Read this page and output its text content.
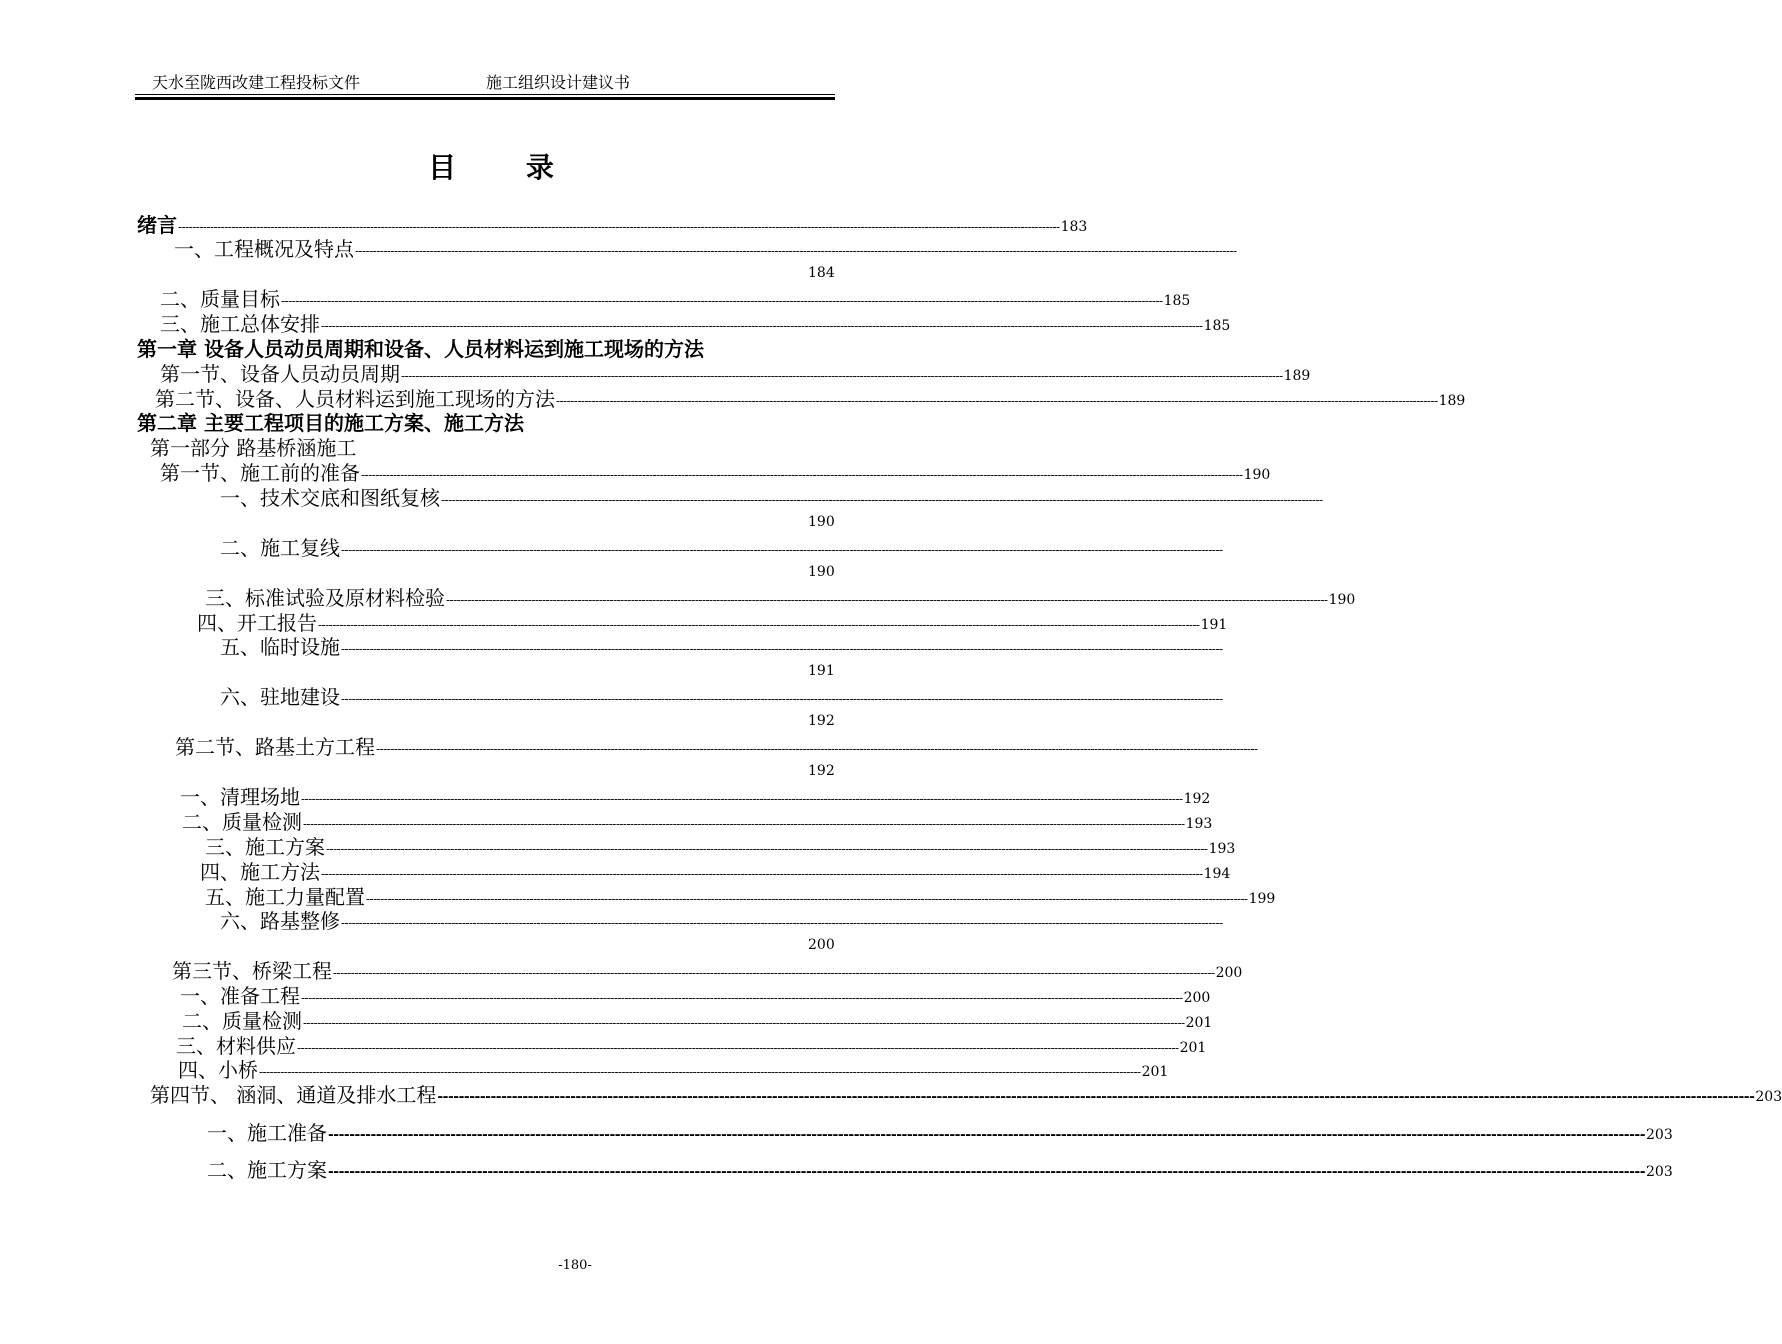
天水至陇西改建工程投标文件	施工组织设计建议书
目 录
绪言 -------------------------------------------------------------------------------------------------------------------------------------------------------------------------------------------------------------------------------------------------------- 183
一、工程概况及特点 --------------------------------------------------------------------------------------------------------------------------------------------------------------------------------------------------------------------------------------------------------
184
二、质量目标 -------------------------------------------------------------------------------------------------------------------------------------------------------------------------------------------------------------------------------------------------------- 185
三、施工总体安排 -------------------------------------------------------------------------------------------------------------------------------------------------------------------------------------------------------------------------------------------------------- 185
第一章 设备人员动员周期和设备、人员材料运到施工现场的方法
第一节、设备人员动员周期 -------------------------------------------------------------------------------------------------------------------------------------------------------------------------------------------------------------------------------------------------------- 189
第二节、设备、人员材料运到施工现场的方法 -------------------------------------------------------------------------------------------------------------------------------------------------------------------------------------------------------------------------------------------------------- 189
第二章 主要工程项目的施工方案、施工方法
第一部分 路基桥涵施工
第一节、施工前的准备 -------------------------------------------------------------------------------------------------------------------------------------------------------------------------------------------------------------------------------------------------------- 190
一、技术交底和图纸复核 --------------------------------------------------------------------------------------------------------------------------------------------------------------------------------------------------------------------------------------------------------
190
二、施工复线 --------------------------------------------------------------------------------------------------------------------------------------------------------------------------------------------------------------------------------------------------------
190
三、标准试验及原材料检验 -------------------------------------------------------------------------------------------------------------------------------------------------------------------------------------------------------------------------------------------------------- 190
四、开工报告 -------------------------------------------------------------------------------------------------------------------------------------------------------------------------------------------------------------------------------------------------------- 191
五、临时设施 --------------------------------------------------------------------------------------------------------------------------------------------------------------------------------------------------------------------------------------------------------
191
六、驻地建设 --------------------------------------------------------------------------------------------------------------------------------------------------------------------------------------------------------------------------------------------------------
192
第二节、路基土方工程 --------------------------------------------------------------------------------------------------------------------------------------------------------------------------------------------------------------------------------------------------------
192
一、清理场地 -------------------------------------------------------------------------------------------------------------------------------------------------------------------------------------------------------------------------------------------------------- 192
二、质量检测 -------------------------------------------------------------------------------------------------------------------------------------------------------------------------------------------------------------------------------------------------------- 193
三、施工方案 -------------------------------------------------------------------------------------------------------------------------------------------------------------------------------------------------------------------------------------------------------- 193
四、施工方法 -------------------------------------------------------------------------------------------------------------------------------------------------------------------------------------------------------------------------------------------------------- 194
五、施工力量配置 -------------------------------------------------------------------------------------------------------------------------------------------------------------------------------------------------------------------------------------------------------- 199
六、路基整修 --------------------------------------------------------------------------------------------------------------------------------------------------------------------------------------------------------------------------------------------------------
200
第三节、桥梁工程 -------------------------------------------------------------------------------------------------------------------------------------------------------------------------------------------------------------------------------------------------------- 200
一、准备工程 -------------------------------------------------------------------------------------------------------------------------------------------------------------------------------------------------------------------------------------------------------- 200
二、质量检测 -------------------------------------------------------------------------------------------------------------------------------------------------------------------------------------------------------------------------------------------------------- 201
三、材料供应 -------------------------------------------------------------------------------------------------------------------------------------------------------------------------------------------------------------------------------------------------------- 201
四、小桥 -------------------------------------------------------------------------------------------------------------------------------------------------------------------------------------------------------------------------------------------------------- 201
第四节、 涵洞、通道及排水工程 -------------------------------------------------------------------------------------------------------------------------------------------------------------------------------------------------------------------------------------------------------- 203
一、施工准备 -------------------------------------------------------------------------------------------------------------------------------------------------------------------------------------------------------------------------------------------------------- 203
二、施工方案 -------------------------------------------------------------------------------------------------------------------------------------------------------------------------------------------------------------------------------------------------------- 203
-180-
